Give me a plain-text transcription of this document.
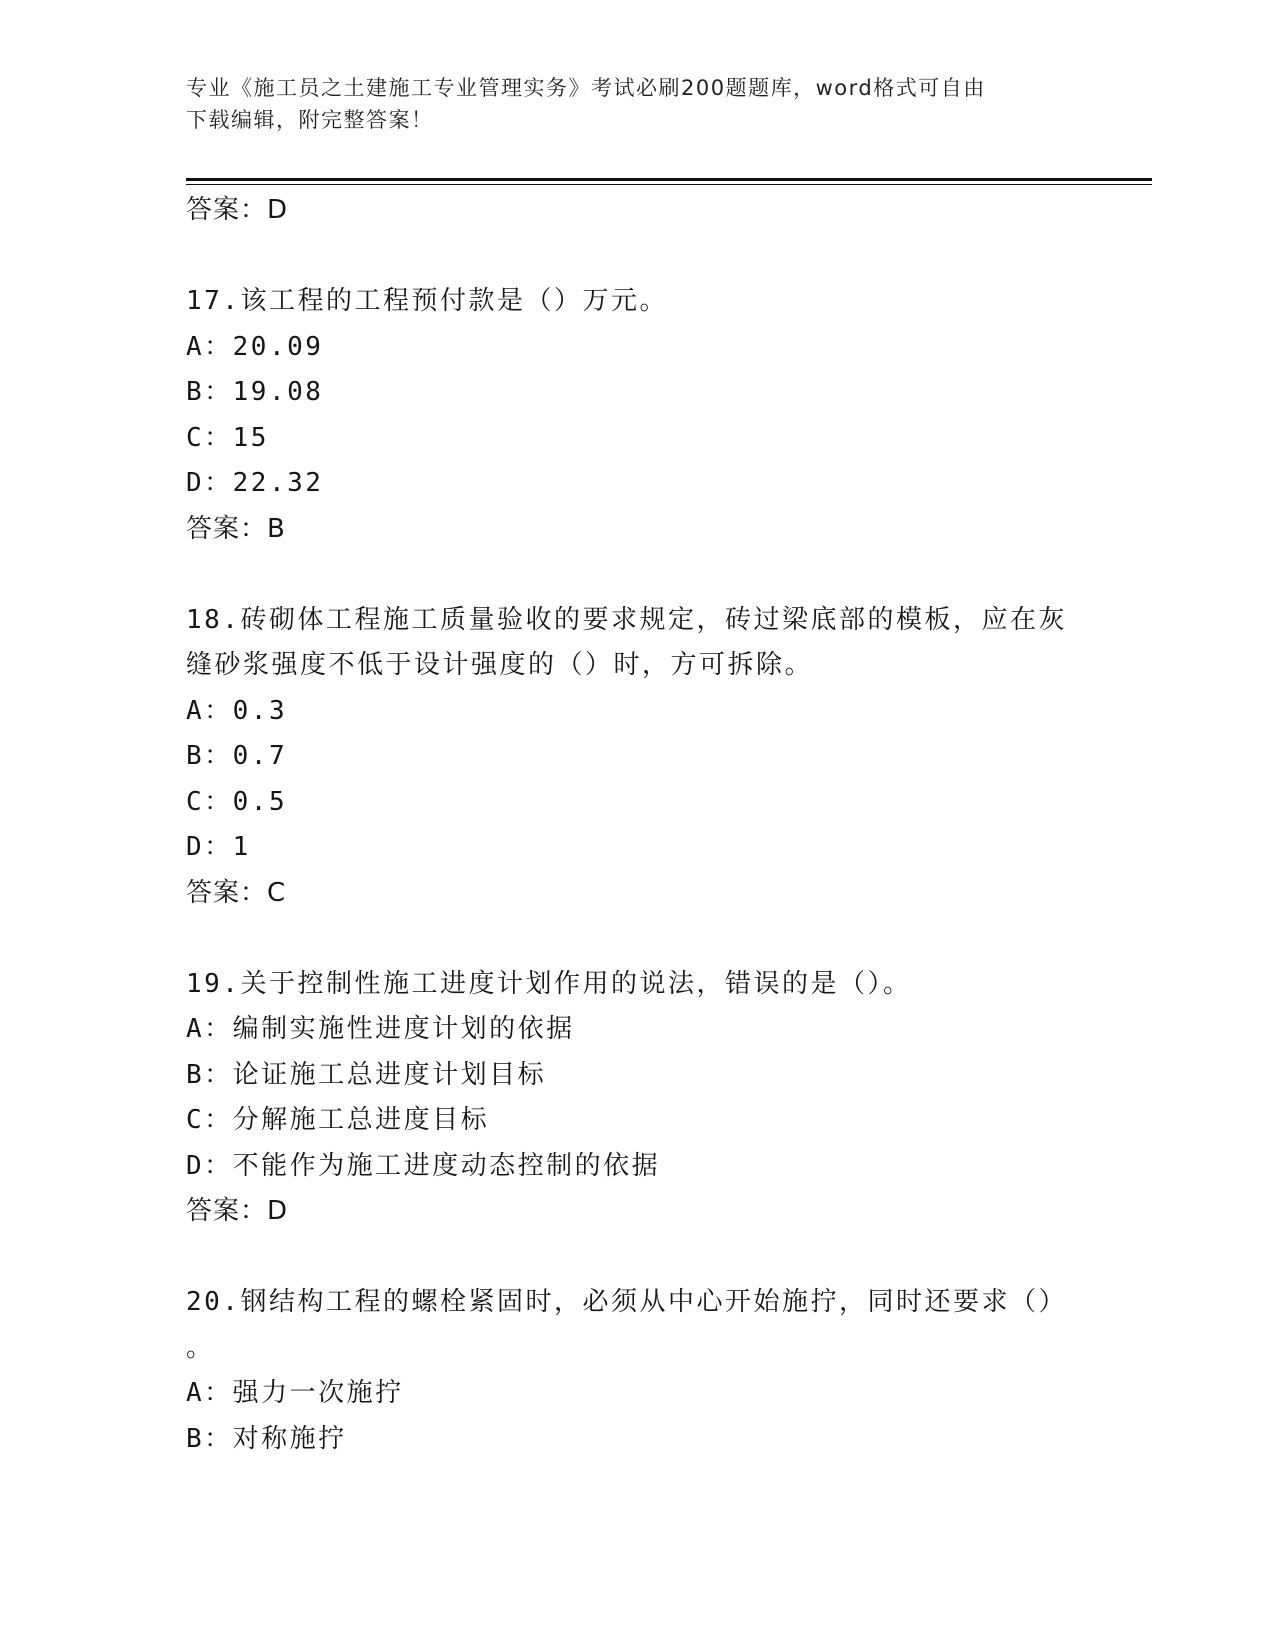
专业《施工员之土建施工专业管理实务》考试必刷200题题库，word格式可自由
下载编辑，附完整答案！
答案：D
17.该工程的工程预付款是（）万元。
A：20.09
B：19.08
C：15
D：22.32
答案：B
18.砖砌体工程施工质量验收的要求规定，砖过梁底部的模板，应在灰
缝砂浆强度不低于设计强度的（）时，方可拆除。
A：0.3
B：0.7
C：0.5
D：1
答案：C
19.关于控制性施工进度计划作用的说法，错误的是（）。
A：编制实施性进度计划的依据
B：论证施工总进度计划目标
C：分解施工总进度目标
D：不能作为施工进度动态控制的依据
答案：D
20.钢结构工程的螺栓紧固时，必须从中心开始施拧，同时还要求（）
。
A：强力一次施拧
B：对称施拧
